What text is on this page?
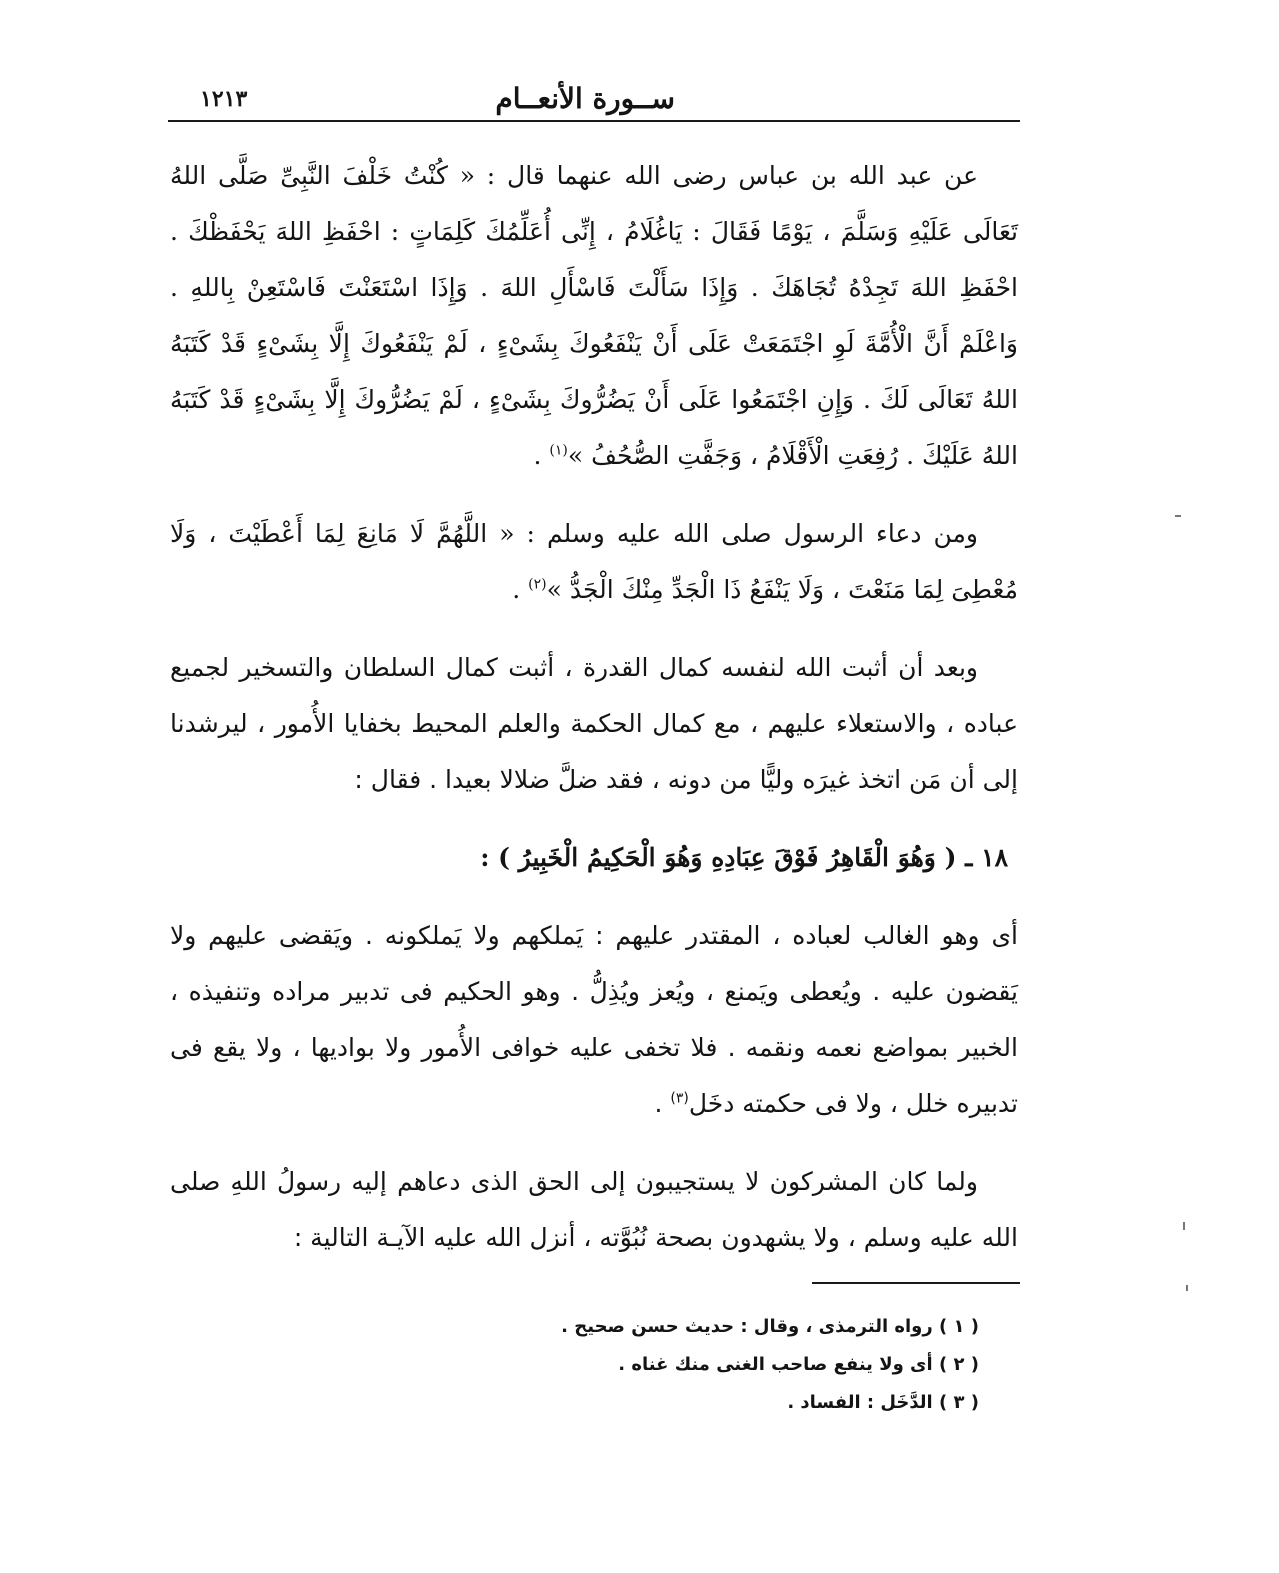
ســورة الأنعــام
١٢١٣

عن عبد الله بن عباس رضى الله عنهما قال : « كُنْتُ خَلْفَ النَّبِىِّ صَلَّى اللهُ تَعَالَى عَلَيْهِ وَسَلَّمَ ، يَوْمًا فَقَالَ : يَاغُلَامُ ، إِنِّى أُعَلِّمُكَ كَلِمَاتٍ : احْفَظِ اللهَ يَحْفَظْكَ . احْفَظِ اللهَ تَجِدْهُ تُجَاهَكَ . وَإِذَا سَأَلْتَ فَاسْأَلِ اللهَ . وَإِذَا اسْتَعَنْتَ فَاسْتَعِنْ بِاللهِ . وَاعْلَمْ أَنَّ الْأُمَّةَ لَوِ اجْتَمَعَتْ عَلَى أَنْ يَنْفَعُوكَ بِشَىْءٍ ، لَمْ يَنْفَعُوكَ إِلَّا بِشَىْءٍ قَدْ كَتَبَهُ اللهُ تَعَالَى لَكَ . وَإِنِ اجْتَمَعُوا عَلَى أَنْ يَضُرُّوكَ بِشَىْءٍ ، لَمْ يَضُرُّوكَ إِلَّا بِشَىْءٍ قَدْ كَتَبَهُ اللهُ عَلَيْكَ . رُفِعَتِ الْأَقْلَامُ ، وَجَفَّتِ الصُّحُفُ »$^{(١)}$ .

ومن دعاء الرسول صلى الله عليه وسلم : « اللَّهُمَّ لَا مَانِعَ لِمَا أَعْطَيْتَ ، وَلَا مُعْطِىَ لِمَا مَنَعْتَ ، وَلَا يَنْفَعُ ذَا الْجَدِّ مِنْكَ الْجَدُّ »$^{(٢)}$ .

وبعد أن أثبت الله لنفسه كمال القدرة ، أثبت كمال السلطان والتسخير لجميع عباده ، والاستعلاء عليهم ، مع كمال الحكمة والعلم المحيط بخفايا الأُمور ، ليرشدنا إلى أن مَن اتخذ غيرَه وليًّا من دونه ، فقد ضلَّ ضلالا بعيدا . فقال :

١٨ ـ ( وَهُوَ الْقَاهِرُ فَوْقَ عِبَادِهِ وَهُوَ الْحَكِيمُ الْخَبِيرُ ) :

أى وهو الغالب لعباده ، المقتدر عليهم : يَملكهم ولا يَملكونه . ويَقضى عليهم ولا يَقضون عليه . ويُعطى ويَمنع ، ويُعز ويُذِلُّ . وهو الحكيم فى تدبير مراده وتنفيذه ، الخبير بمواضع نعمه ونقمه . فلا تخفى عليه خوافى الأُمور ولا بواديها ، ولا يقع فى تدبيره خلل ، ولا فى حكمته دخَل$^{(٣)}$ .

ولما كان المشركون لا يستجيبون إلى الحق الذى دعاهم إليه رسولُ اللهِ صلى الله عليه وسلم ، ولا يشهدون بصحة نُبُوَّته ، أنزل الله عليه الآيـة التالية :

( ١ ) رواه الترمذى ، وقال : حديث حسن صحيح .

( ٢ ) أى ولا ينفع صاحب الغنى منك غناه .

( ٣ ) الدَّخَل : الفساد .
